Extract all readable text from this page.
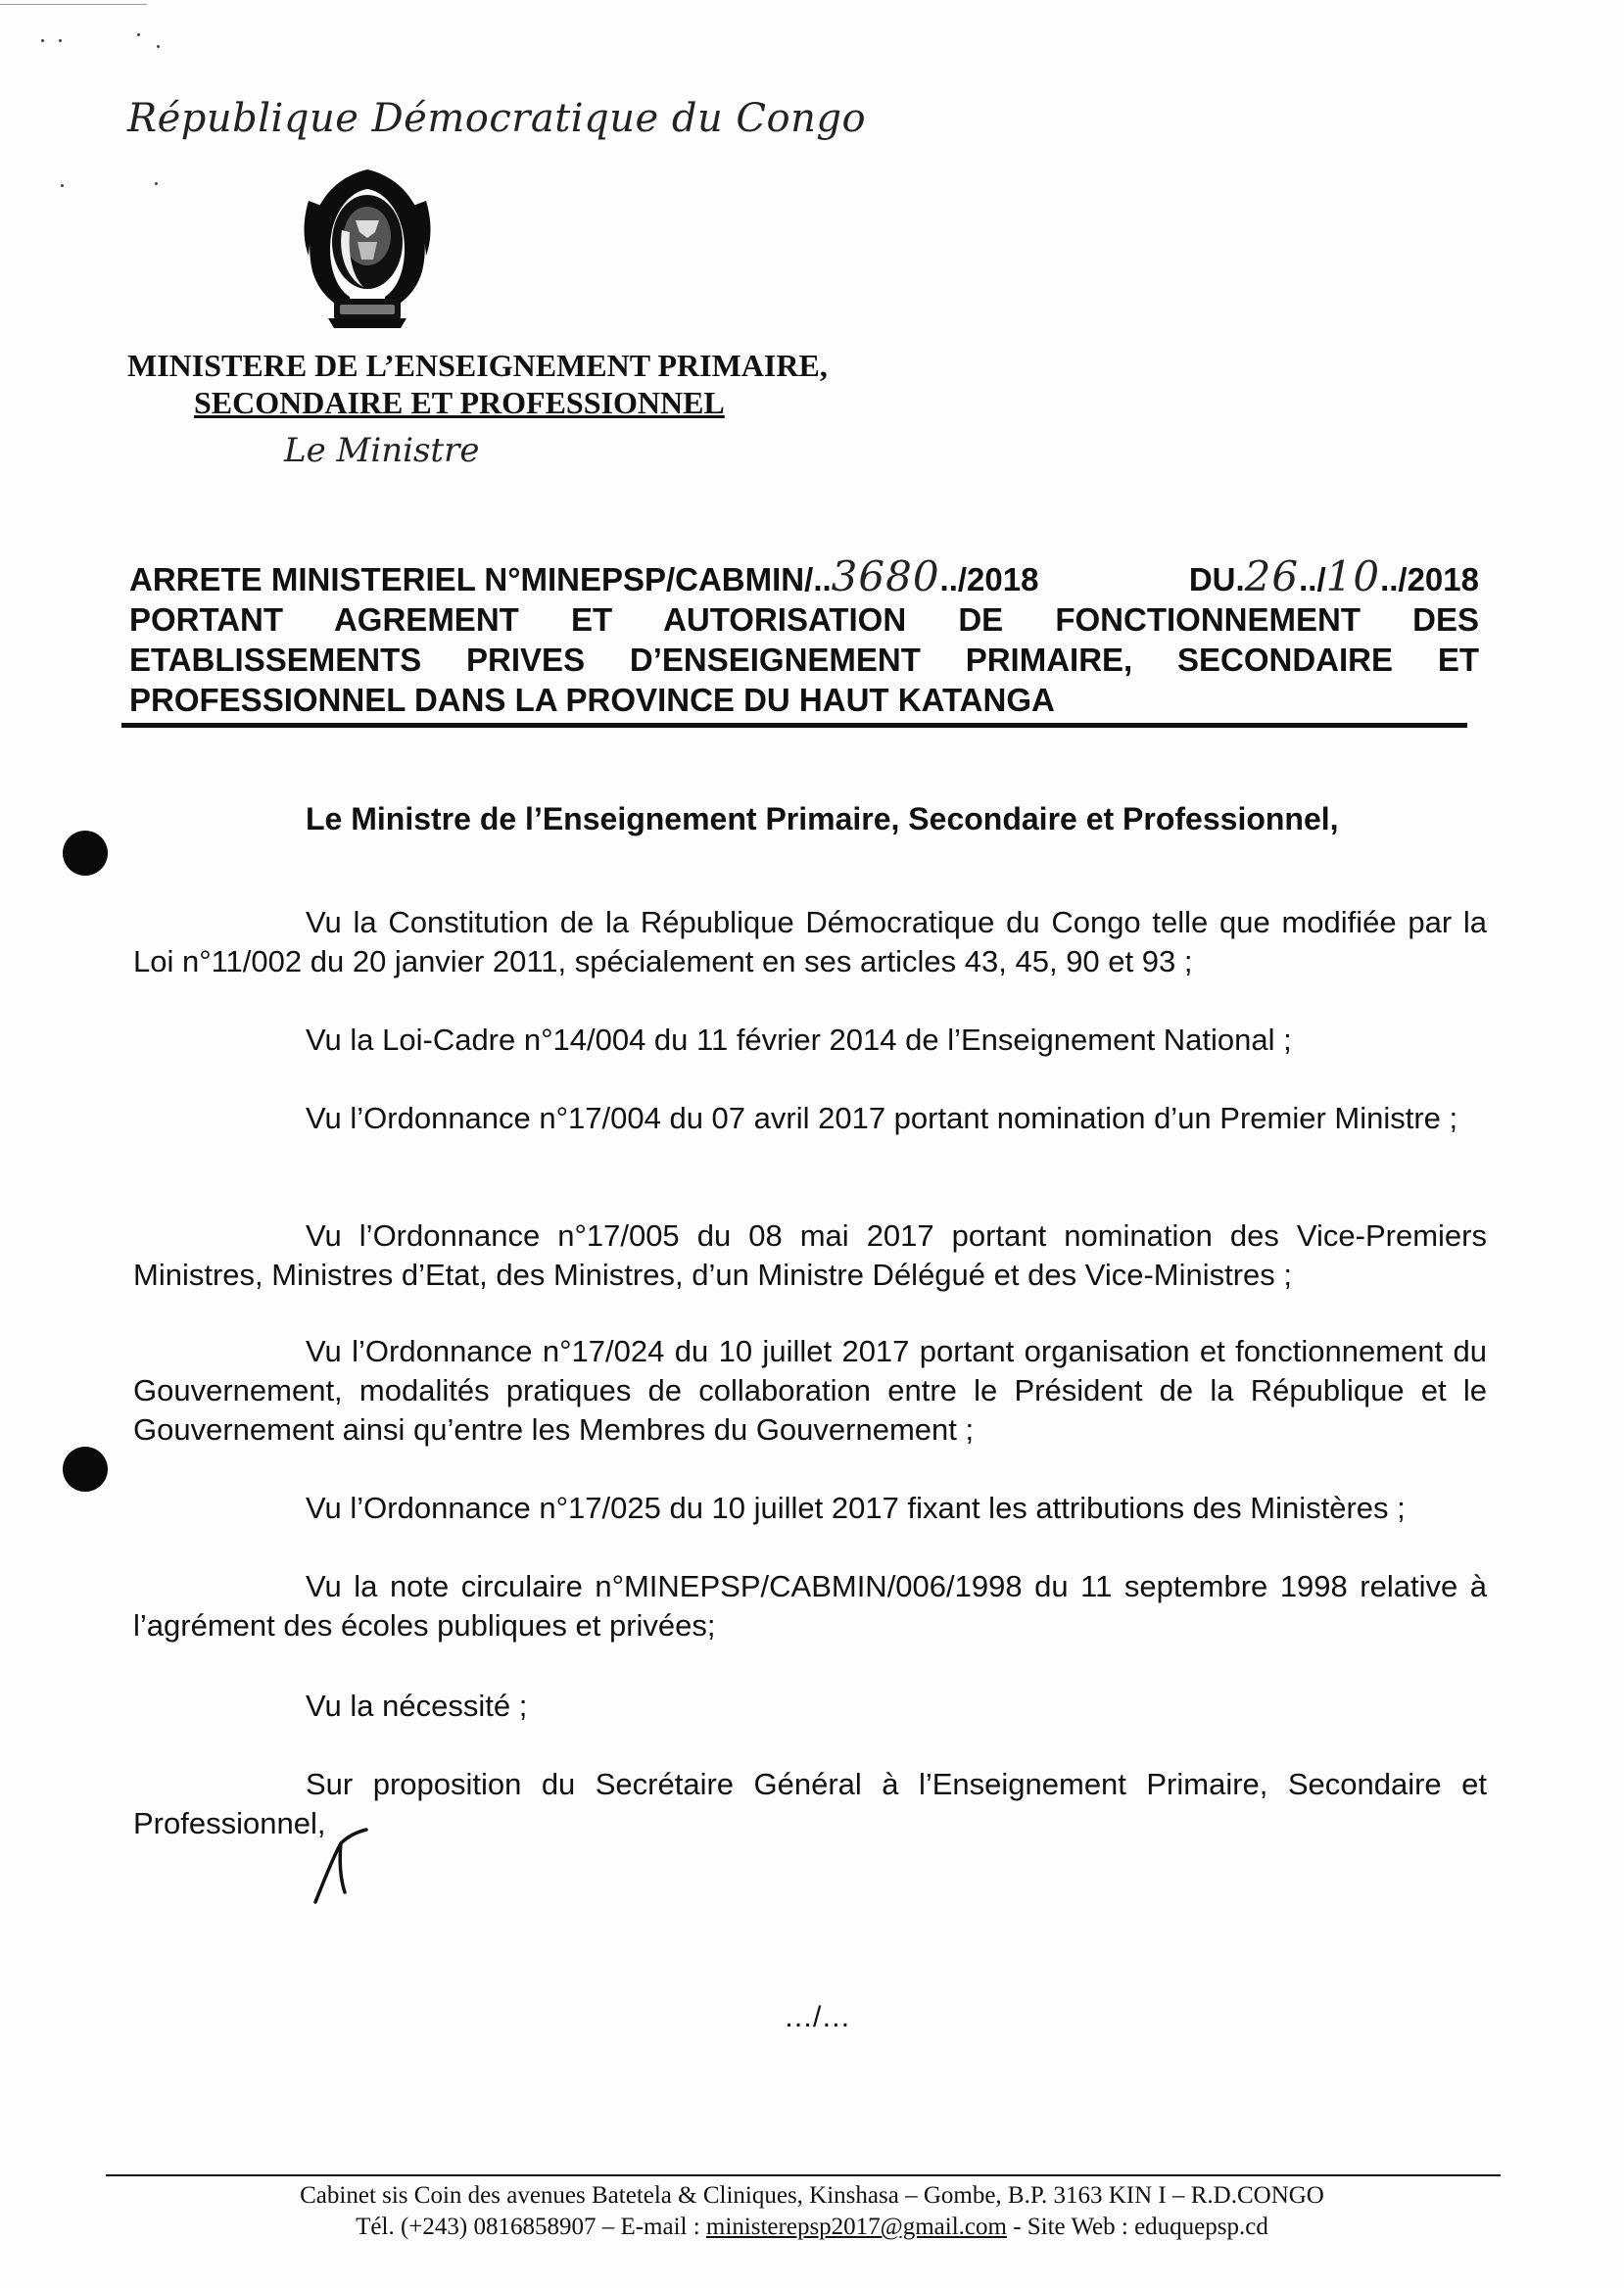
République Démocratique du Congo
MINISTERE DE L’ENSEIGNEMENT PRIMAIRE,
SECONDAIRE ET PROFESSIONNEL
Le Ministre
ARRETE MINISTERIEL N°MINEPSP/CABMIN/..3680../2018	DU.26../10../2018
PORTANT AGREMENT ET AUTORISATION DE FONCTIONNEMENT DES
ETABLISSEMENTS PRIVES D’ENSEIGNEMENT PRIMAIRE, SECONDAIRE ET
PROFESSIONNEL DANS LA PROVINCE DU HAUT KATANGA
Le Ministre de l’Enseignement Primaire, Secondaire et Professionnel,
Vu la Constitution de la République Démocratique du Congo telle que modifiée par la Loi n°11/002 du 20 janvier 2011, spécialement en ses articles 43, 45, 90 et 93 ;
Vu la Loi-Cadre n°14/004 du 11 février 2014 de l’Enseignement National ;
Vu l’Ordonnance n°17/004 du 07 avril 2017 portant nomination d’un Premier Ministre ;
Vu l’Ordonnance n°17/005 du 08 mai 2017 portant nomination des Vice-Premiers Ministres, Ministres d’Etat, des Ministres, d’un Ministre Délégué et des Vice-Ministres ;
Vu l’Ordonnance n°17/024 du 10 juillet 2017 portant organisation et fonctionnement du Gouvernement, modalités pratiques de collaboration entre le Président de la République et le Gouvernement ainsi qu’entre les Membres du Gouvernement ;
Vu l’Ordonnance n°17/025 du 10 juillet 2017 fixant les attributions des Ministères ;
Vu la note circulaire n°MINEPSP/CABMIN/006/1998 du 11 septembre 1998 relative à l’agrément des écoles publiques et privées;
Vu la nécessité ;
Sur proposition du Secrétaire Général à l’Enseignement Primaire, Secondaire et Professionnel,
…/…
Cabinet sis Coin des avenues Batetela & Cliniques, Kinshasa – Gombe, B.P. 3163 KIN I – R.D.CONGO
Tél. (+243) 0816858907 – E-mail : ministerepsp2017@gmail.com - Site Web : eduquepsp.cd
